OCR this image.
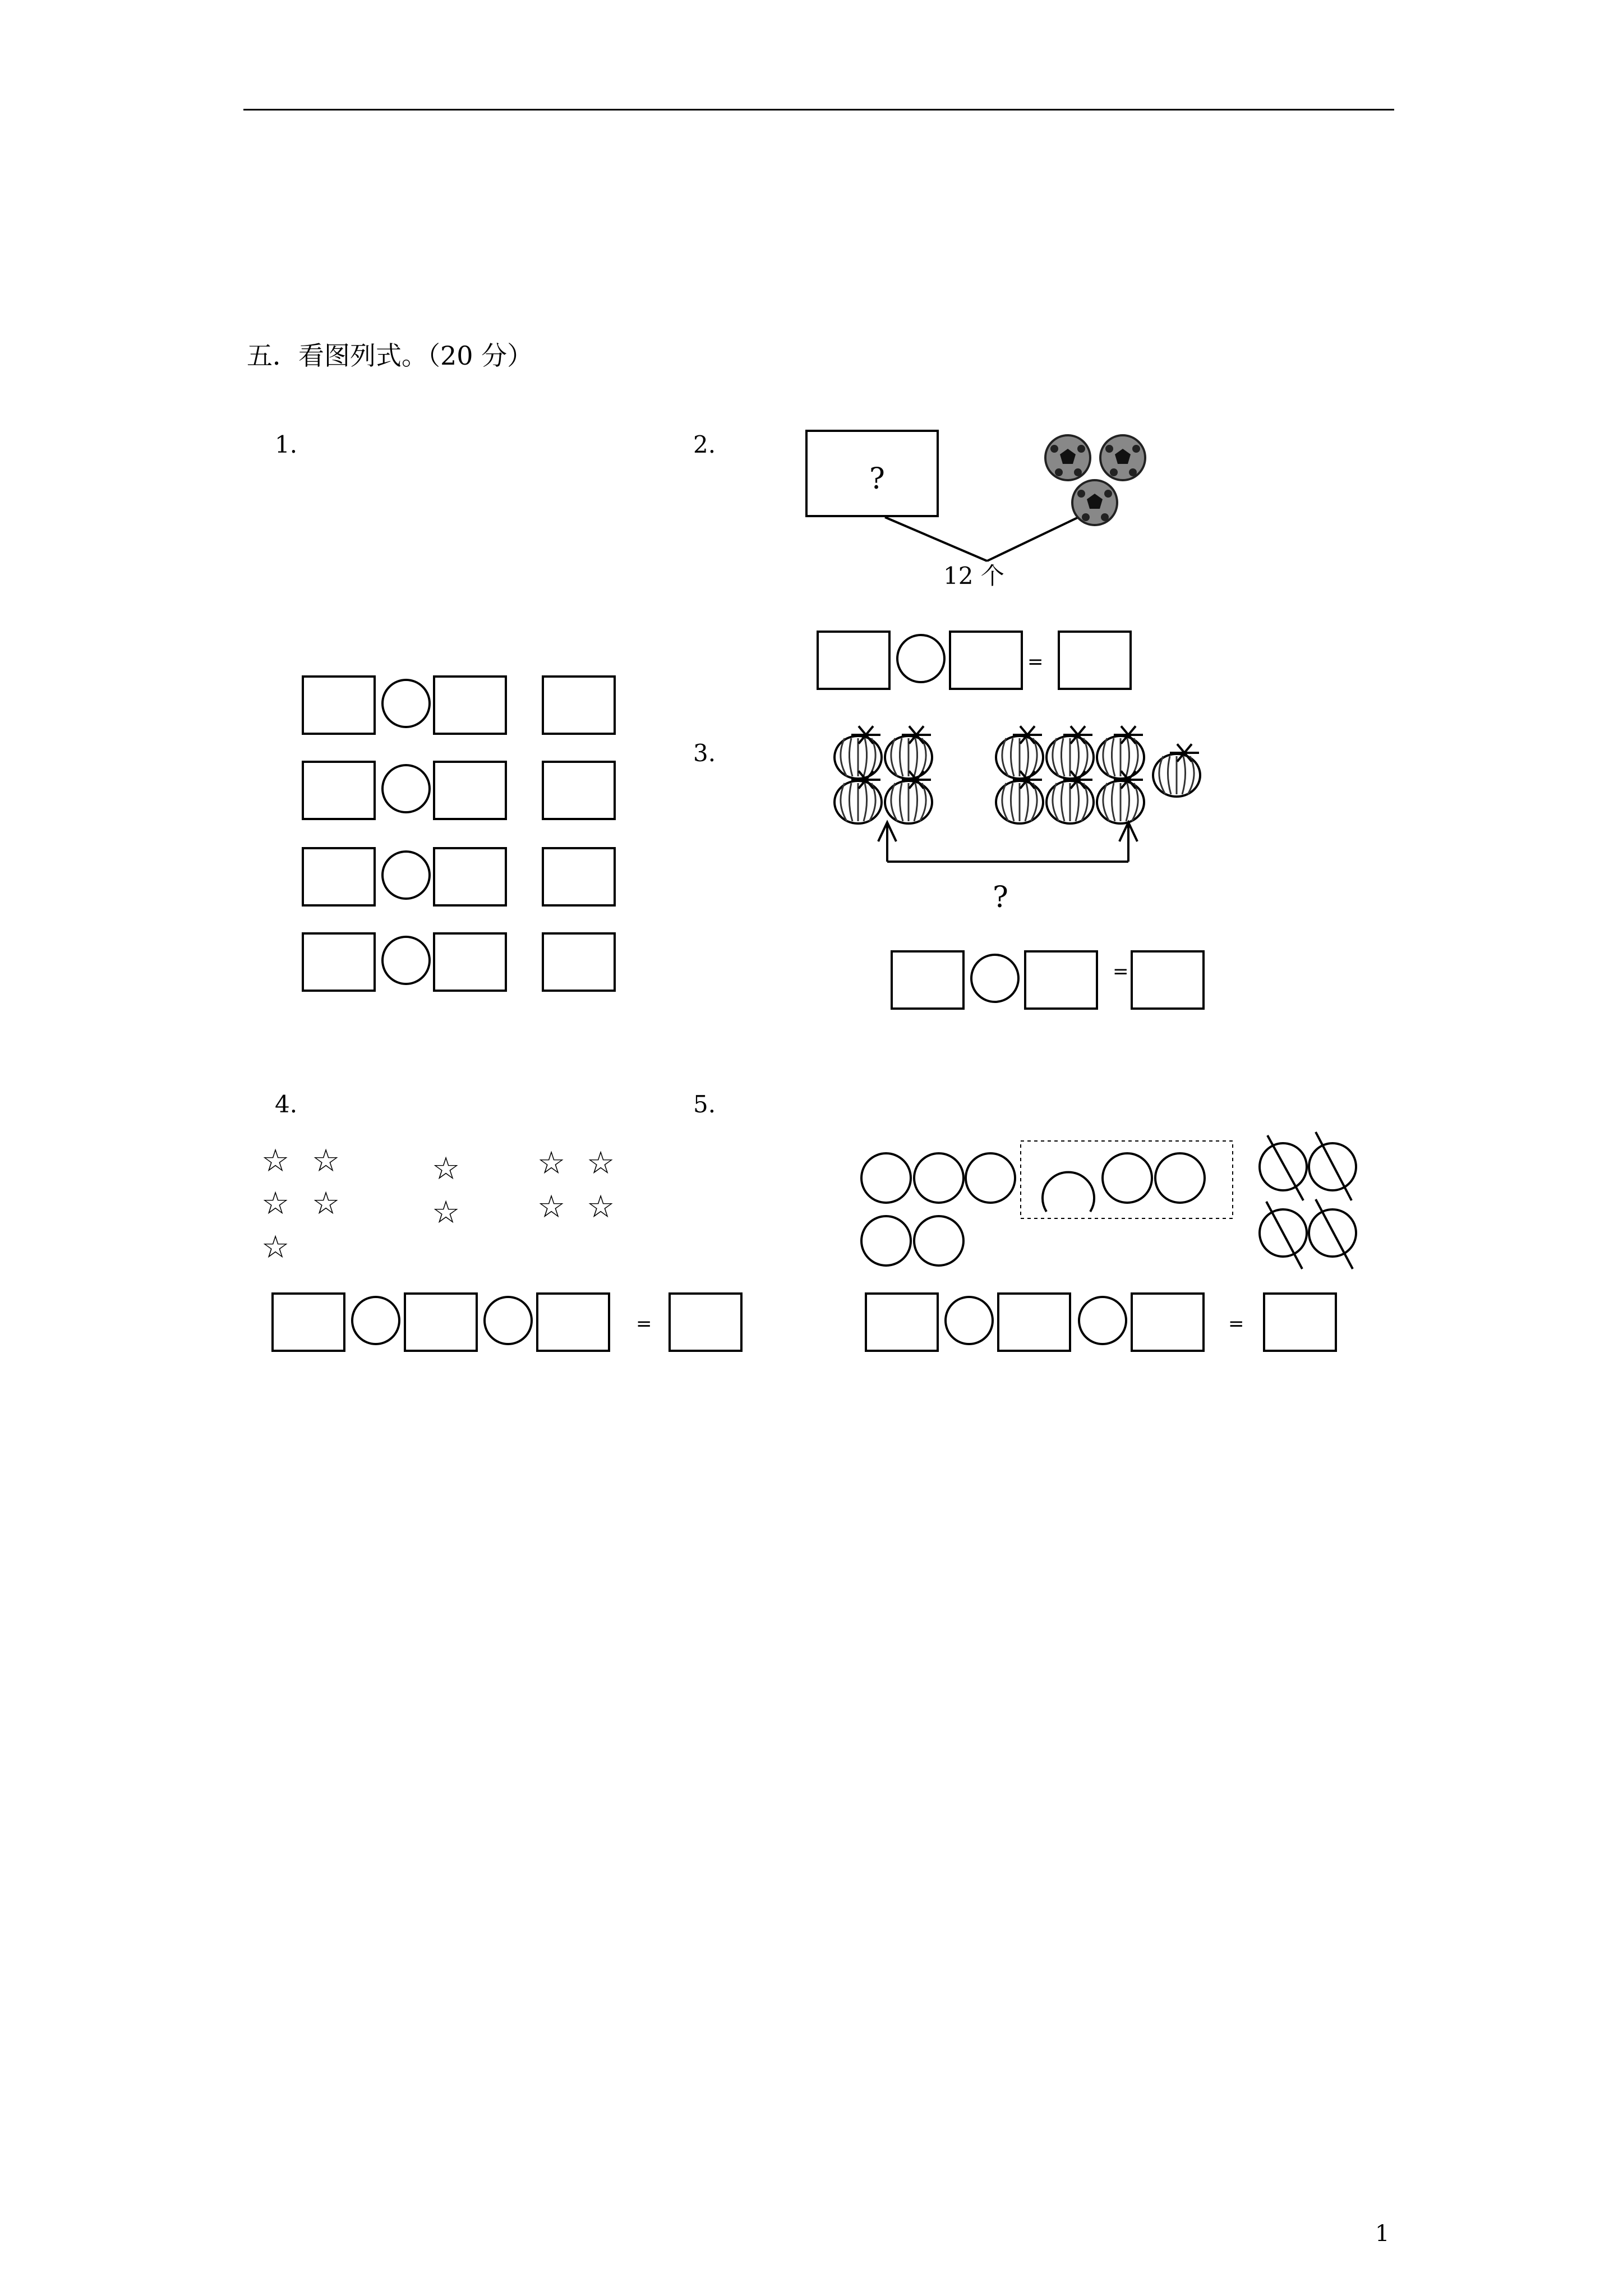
五．看图列式。（20 分）
1.	2.
?
12 个
=
3.
?
=
4.
☆ ☆
☆ ☆
☆
☆
☆
☆ ☆
☆ ☆
=
5.
=
1
